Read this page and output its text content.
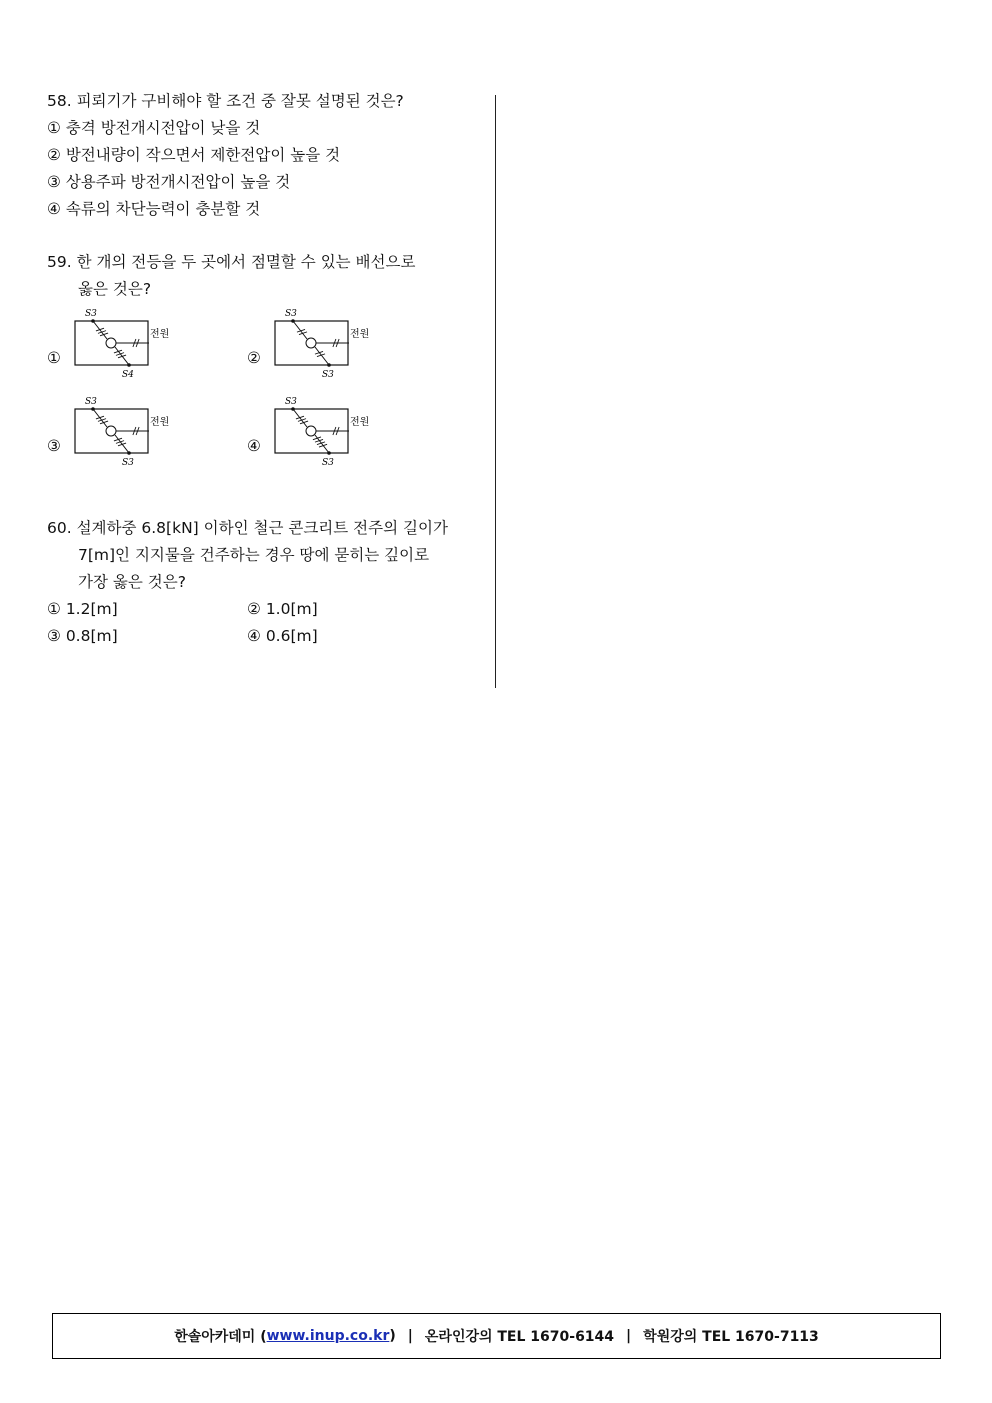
58. 피뢰기가 구비해야 할 조건 중 잘못 설명된 것은?

① 충격 방전개시전압이 낮을 것

② 방전내량이 작으면서 제한전압이 높을 것

③ 상용주파 방전개시전압이 높을 것

④ 속류의 차단능력이 충분할 것

59. 한 개의 전등을 두 곳에서 점멸할 수 있는 배선으로

옳은 것은?

①
S3
S4
전원
②
S3
S3
전원
③
S3
S3
전원
④
S3
S3
전원

60. 설계하중 6.8[kN] 이하인 철근 콘크리트 전주의 길이가

7[m]인 지지물을 건주하는 경우 땅에 묻히는 깊이로

가장 옳은 것은?

① 1.2[m]	② 1.0[m]
③ 0.8[m]	④ 0.6[m]
한솔아카데미 ( www.inup.co.kr ) | 온라인강의 TEL 1670-6144 | 학원강의 TEL 1670-7113
